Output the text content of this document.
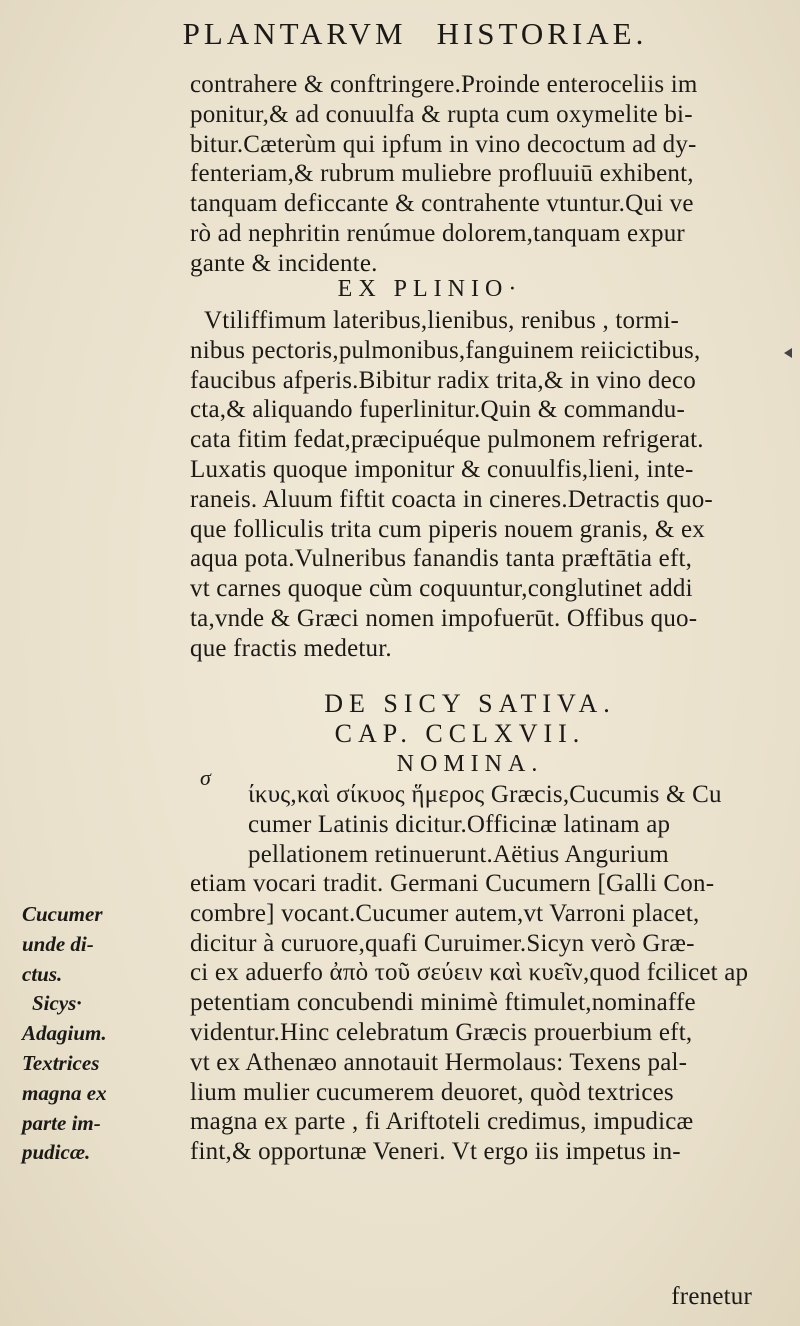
PLANTARVM HISTORIAE.
contrahere & conftringere.Proinde enteroceliis im
ponitur,& ad conuulfa & rupta cum oxymelite bi-
bitur.Cæterùm qui ipfum in vino decoctum ad dy-
fenteriam,& rubrum muliebre profluuiū exhibent,
tanquam deficcante & contrahente vtuntur.Qui ve
rò ad nephritin renúmue dolorem,tanquam expur
gante & incidente.
EX PLINIO·
Vtiliffimum lateribus,lienibus, renibus , tormi-
nibus pectoris,pulmonibus,fanguinem reiicictibus,
faucibus afperis.Bibitur radix trita,& in vino deco
cta,& aliquando fuperlinitur.Quin & commandu-
cata fitim fedat,præcipuéque pulmonem refrigerat.
Luxatis quoque imponitur & conuulfis,lieni, inte-
raneis. Aluum fiftit coacta in cineres.Detractis quo-
que folliculis trita cum piperis nouem granis, & ex
aqua pota.Vulneribus fanandis tanta præftātia eft,
vt carnes quoque cùm coquuntur,conglutinet addi
ta,vnde & Græci nomen impofuerūt. Offibus quo-
que fractis medetur.
DE SICY SATIVA.
CAP. CCLXVII.
NOMINA.
σ
ίκυς,καὶ σίκυος ἥμερος Græcis,Cucumis & Cu
cumer Latinis dicitur.Officinæ latinam ap
pellationem retinuerunt.Aëtius Angurium
etiam vocari tradit. Germani Cucumern [Galli Con-
combre] vocant.Cucumer autem,vt Varroni placet,
dicitur à curuore,quafi Curuimer.Sicyn verò Græ-
ci ex aduerfo ἀπὸ τοῦ σεύειν καὶ κυεῖν,quod fcilicet ap
petentiam concubendi minimè ftimulet,nominaffe
videntur.Hinc celebratum Græcis prouerbium eft,
vt ex Athenæo annotauit Hermolaus: Texens pal-
lium mulier cucumerem deuoret, quòd textrices
magna ex parte , fi Ariftoteli credimus, impudicæ
fint,& opportunæ Veneri. Vt ergo iis impetus in-
Cucumer
unde di-
ctus.
Sicys·
Adagium.
Textrices
magna ex
parte im-
pudicæ.
frenetur
